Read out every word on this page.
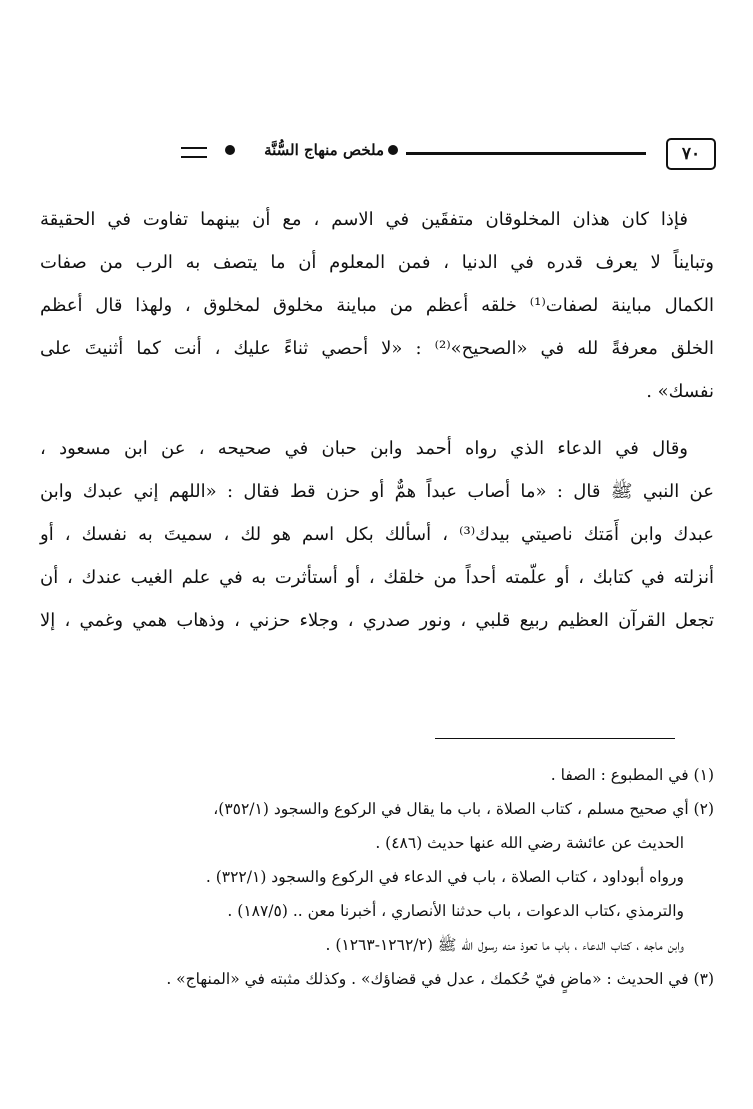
٧٠
ملخص منهاج السُّنَّة
فإذا كان هذان المخلوقان متفقَين في الاسم ، مع أن بينهما تفاوت في الحقيقة
وتبايناً لا يعرف قدره في الدنيا ، فمن المعلوم أن ما يتصف به الرب من صفات
الكمال مباينة لصفات⁽¹⁾ خلقه أعظم من مباينة مخلوق لمخلوق ، ولهذا قال أعظم
الخلق معرفةً لله في «الصحيح»⁽²⁾ : «لا أحصي ثناءً عليك ، أنت كما أثنيتَ على
نفسك» .
وقال في الدعاء الذي رواه أحمد وابن حبان في صحيحه ، عن ابن مسعود ،
عن النبي ﷺ قال : «ما أصاب عبداً همٌّ أو حزن قط فقال : «اللهم إني عبدك وابن
عبدك وابن أَمَتك ناصيتي بيدك⁽³⁾ ، أسألك بكل اسم هو لك ، سميتَ به نفسك ، أو
أنزلته في كتابك ، أو علّمته أحداً من خلقك ، أو أستأثرت به في علم الغيب عندك ، أن
تجعل القرآن العظيم ربيع قلبي ، ونور صدري ، وجلاء حزني ، وذهاب همي وغمي ، إلا
(١) في المطبوع : الصفا .
(٢) أي صحيح مسلم ، كتاب الصلاة ، باب ما يقال في الركوع والسجود (٣٥٢/١)،
الحديث عن عائشة رضي الله عنها حديث (٤٨٦) .
ورواه أبوداود ، كتاب الصلاة ، باب في الدعاء في الركوع والسجود (٣٢٢/١) .
والترمذي ،كتاب الدعوات ، باب حدثنا الأنصاري ، أخبرنا معن .. (١٨٧/٥) .
وابن ماجه ، كتاب الدعاء ، باب ما تعوذ منه رسول الله ﷺ (١٢٦٢/٢-١٢٦٣) .
(٣) في الحديث : «ماضٍ فيّ حُكمك ، عدل في قضاؤك» . وكذلك مثبته في «المنهاج» .
